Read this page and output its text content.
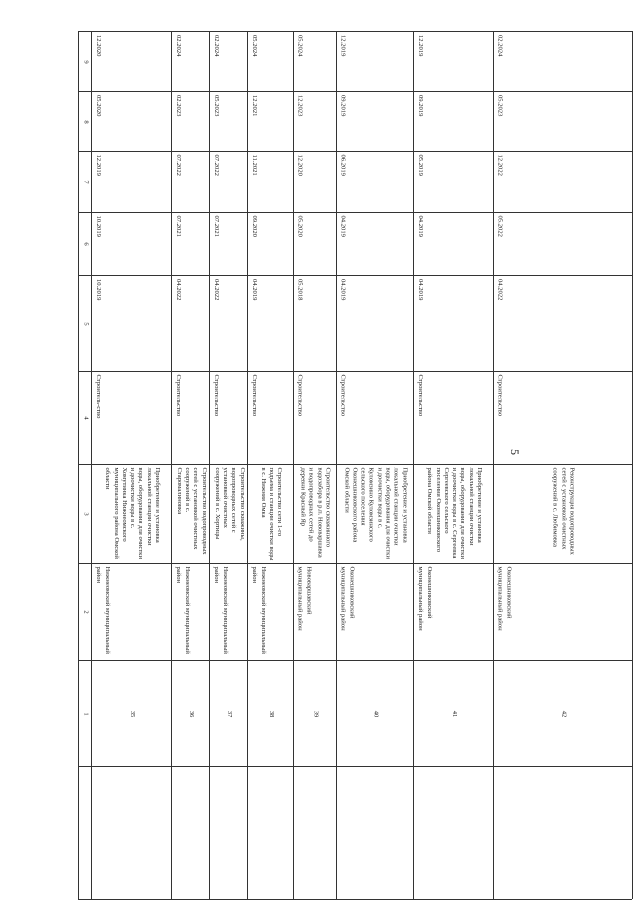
5
9
8
7
6
5
4
3
2
1
12.2020
05.2020
12.2019
10.2019
10.2019
Строитель-ство
Приобретение и установка локальной станции очистки воды, оборудования для очистки и доочистки воды в с. Хомутинка Нижнеомского муниципального района Омской области
Нижнеомский муниципальный район
35
02.2024
02.2023
07.2022
07.2021
04.2022
Строительство
Строительство водопроводных сетей с установкой очистных сооружений в с. Старомалиновка
Нижнеомский муниципальный район
36
02.2024
05.2023
07.2022
07.2021
04.2022
Строительство
Строительство скважины, водопроводных сетей с установкой очистных сооружений в с. Хортицы
Нижнеомский муниципальный район
37
05.2024
12.2021
11.2021
09.2020
04.2019
Строительство
Строительство сети 1-го подъема и станции очистки воды в с. Нижняя Омка
Нижнеомский муниципальный район
38
05.2024
12.2023
12.2020
05.2020
05.2018
Строительство
Строительство скважинного водозабора в р.п. Нововаршавка и водопроводных сетей до деревни Красный Яр
Нововаршавский муниципальный район
39
12.2019
09.2019
06.2019
04.2019
04.2019
Строительство
Приобретение и установка локальной станции очистки воды, оборудования для очистки и доочистки воды в с. Куломзино Куломзинского сельского поселения Оконешниковского района Омской области
Оконешниковский муниципальный район
40
12.2019
09.2019
05.2019
04.2019
04.2019
Строительство
Приобретение и установка локальной станции очистки воды, оборудования для очистки и доочистки воды в с. Сергеевка Сергеевского сельского поселения Оконешниковского района Омской области
Оконешниковский муниципальный район
41
02.2024
05.2023
12.2022
05.2022
04.2022
Строительство
Реконструкция водопроводных сетей с установкой очистных сооружений в с. Любимовка
Оконешниковский муниципальный район
42
